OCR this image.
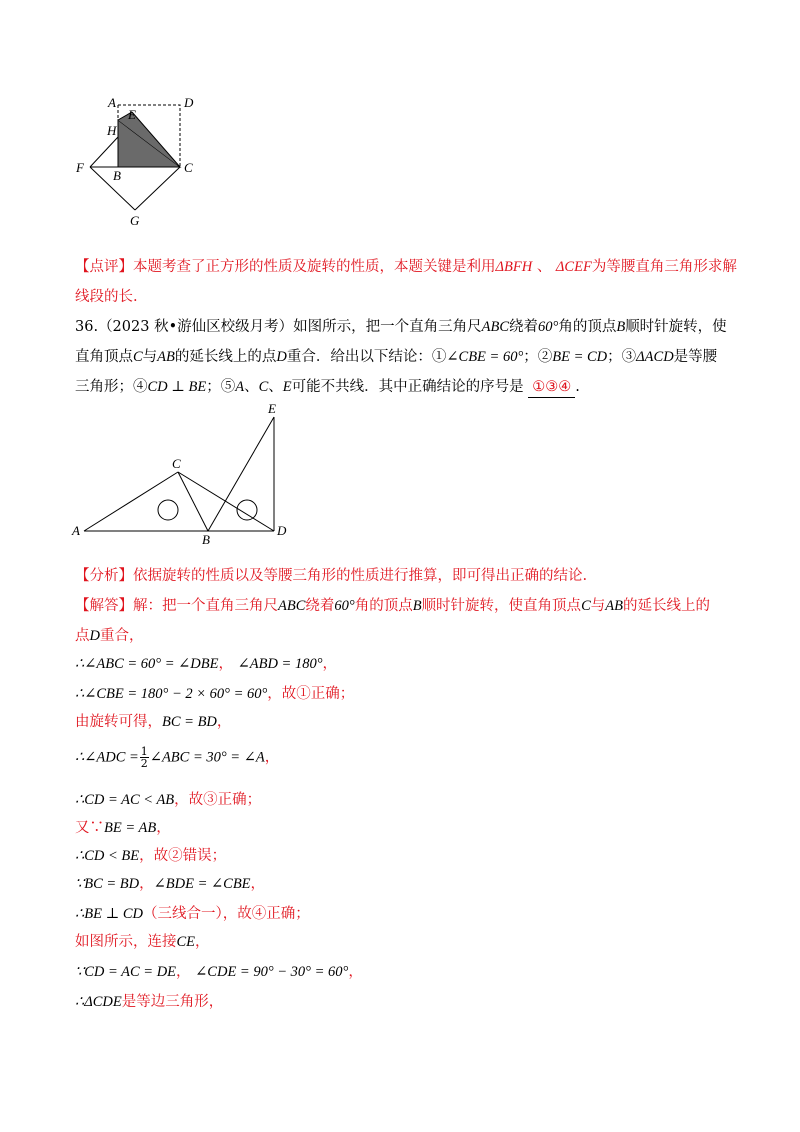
A	D
E
H
F
B
C
G
【点评】本题考查了正方形的性质及旋转的性质，本题关键是利用ΔBFH 、 ΔCEF为等腰直角三角形求解
线段的长.
36.（2023 秋•游仙区校级月考）如图所示，把一个直角三角尺ABC绕着60°角的顶点B顺时针旋转，使
直角顶点C与AB的延长线上的点D重合．给出以下结论：①∠CBE = 60°；②BE = CD；③ΔACD是等腰
三角形；④CD ⊥ BE；⑤A、C、E可能不共线．其中正确结论的序号是 ①③④ .
E
C
A
B
D
【分析】依据旋转的性质以及等腰三角形的性质进行推算，即可得出正确的结论.
【解答】解：把一个直角三角尺ABC绕着60°角的顶点B顺时针旋转，使直角顶点C与AB的延长线上的
点D重合，
∴∠ABC = 60° = ∠DBE， ∠ABD = 180°，
∴∠CBE = 180° − 2 × 60° = 60°，故①正确；
由旋转可得，BC = BD，
∴∠ADC = $\frac{1}{2}$ ∠ABC = 30° = ∠A，
∴CD = AC < AB，故③正确；
又∵BE = AB，
∴CD < BE，故②错误；
∵BC = BD，∠BDE = ∠CBE，
∴BE ⊥ CD（三线合一），故④正确；
如图所示，连接CE，
∵CD = AC = DE， ∠CDE = 90° − 30° = 60°，
∴ΔCDE是等边三角形，
